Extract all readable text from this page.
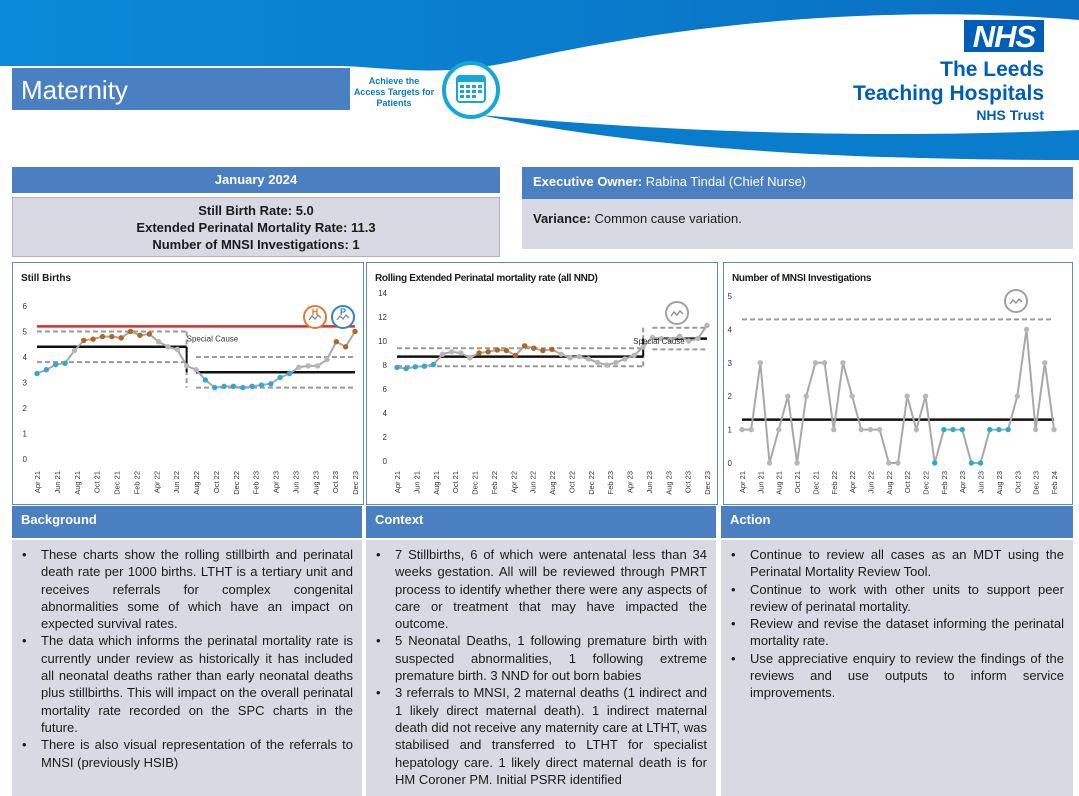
Maternity	Achieve the Access Targets for Patients
NHS
The Leeds
Teaching Hospitals
NHS Trust
January 2024
Still Birth Rate: 5.0
Extended Perinatal Mortality Rate: 11.3
Number of MNSI Investigations: 1
Executive Owner: Rabina Tindal (Chief Nurse)
Variance: Common cause variation.
Still Births
0
1
2
3
4
5
6
Apr 21 Jun 21 Aug 21 Oct 21 Dec 21 Feb 22 Apr 22 Jun 22 Aug 22 Oct 22 Dec 22 Feb 23 Apr 23 Jun 23 Aug 23 Oct 23 Dec 23
Special Cause
H P
Rolling Extended Perinatal mortality rate (all NND)
0
2
4
6
8
10
12
14
Apr 21 Jun 21 Aug 21 Oct 21 Dec 21 Feb 22 Apr 22 Jun 22 Aug 22 Oct 22 Dec 22 Feb 23 Apr 23 Jun 23 Aug 23 Oct 23 Dec 23
Special Cause
Number of MNSI Investigations
0
1
2
3
4
5
Apr 21 Jun 21 Aug 21 Oct 21 Dec 21 Feb 22 Apr 22 Jun 22 Aug 22 Oct 22 Dec 22 Feb 23 Apr 23 Jun 23 Aug 23 Oct 23 Dec 23 Feb 24
Background	Context	Action
• These charts show the rolling stillbirth and perinatal death rate per 1000 births. LTHT is a tertiary unit and receives referrals for complex congenital abnormalities some of which have an impact on expected survival rates.
• The data which informs the perinatal mortality rate is currently under review as historically it has included all neonatal deaths rather than early neonatal deaths plus stillbirths. This will impact on the overall perinatal mortality rate recorded on the SPC charts in the future.
• There is also visual representation of the referrals to MNSI (previously HSIB)
• 7 Stillbirths, 6 of which were antenatal less than 34 weeks gestation. All will be reviewed through PMRT process to identify whether there were any aspects of care or treatment that may have impacted the outcome.
• 5 Neonatal Deaths, 1 following premature birth with suspected abnormalities, 1 following extreme premature birth. 3 NND for out born babies
• 3 referrals to MNSI, 2 maternal deaths (1 indirect and 1 likely direct maternal death). 1 indirect maternal death did not receive any maternity care at LTHT, was stabilised and transferred to LTHT for specialist hepatology care. 1 likely direct maternal death is for HM Coroner PM. Initial PSRR identified
• Continue to review all cases as an MDT using the Perinatal Mortality Review Tool.
• Continue to work with other units to support peer review of perinatal mortality.
• Review and revise the dataset informing the perinatal mortality rate.
• Use appreciative enquiry to review the findings of the reviews and use outputs to inform service improvements.
